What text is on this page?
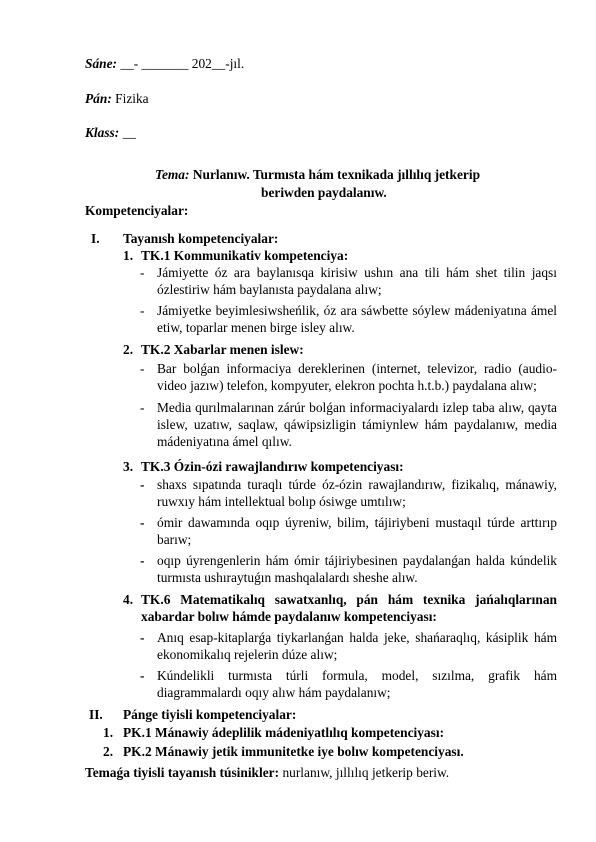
Sáne: __- _______ 202__-jıl.
Pán: Fizika
Klass: __
Tema: Nurlanıw. Turmısta hám texnikada jıllılıq jetkerip
beriwden paydalanıw.
Kompetenciyalar:
I. Tayanısh kompetenciyalar:
1. TK.1 Kommunikativ kompetenciya:
- Jámiyette óz ara baylanısqa kirisiw ushın ana tili hám shet tilin jaqsı ózlestiriw hám baylanısta paydalana alıw;
- Jámiyetke beyimlesiwsheńlik, óz ara sáwbette sóylew mádeniyatına ámel etiw, toparlar menen birge isley alıw.
2. TK.2 Xabarlar menen islew:
- Bar bolǵan informaciya dereklerinen (internet, televizor, radio (audio-video jazıw) telefon, kompyuter, elekron pochta h.t.b.) paydalana alıw;
- Media qurılmalarınan zárúr bolǵan informaciyalardı izlep taba alıw, qayta islew, uzatıw, saqlaw, qáwipsizligin támiynlew hám paydalanıw, media mádeniyatına ámel qılıw.
3. TK.3 Ózin-ózi rawajlandırıw kompetenciyası:
- shaxs sıpatında turaqlı túrde óz-ózin rawajlandırıw, fizikalıq, mánawiy, ruwxıy hám intellektual bolıp ósiwge umtılıw;
- ómir dawamında oqıp úyreniw, bilim, tájiriybeni mustaqıl túrde arttırıp barıw;
- oqıp úyrengenlerin hám ómir tájiriybesinen paydalanǵan halda kúndelik turmısta ushıraytuǵın mashqalalardı sheshe alıw.
4. TK.6 Matematikalıq sawatxanlıq, pán hám texnika jańalıqlarınan xabardar bolıw hámde paydalanıw kompetenciyası:
- Anıq esap-kitaplarǵa tiykarlanǵan halda jeke, shańaraqlıq, kásiplik hám ekonomikalıq rejelerin dúze alıw;
- Kúndelikli turmısta túrli formula, model, sızılma, grafik hám diagrammalardı oqıy alıw hám paydalanıw;
II. Pánge tiyisli kompetenciyalar:
1. PK.1 Mánawiy ádeplilik mádeniyatlılıq kompetenciyası:
2. PK.2 Mánawiy jetik immunitetke iye bolıw kompetenciyası.
Temaǵa tiyisli tayanısh túsinikler: nurlanıw, jıllılıq jetkerip beriw.
